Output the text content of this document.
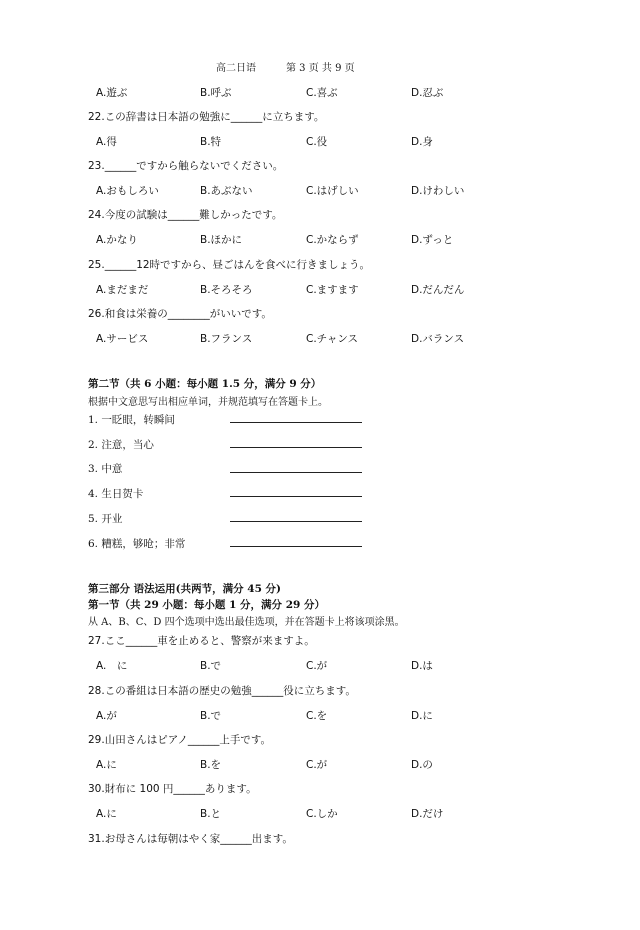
高二日语	第 3 页 共 9 页
A.遊ぶ	B.呼ぶ	C.喜ぶ	D.忍ぶ
22.この辞書は日本語の勉強に______に立ちます。
A.得	B.特	C.役	D.身
23.______ですから触らないでください。
A.おもしろい	B.あぶない	C.はげしい	D.けわしい
24.今度の試験は______難しかったです。
A.かなり	B.ほかに	C.かならず	D.ずっと
25.______12時ですから、昼ごはんを食べに行きましょう。
A.まだまだ	B.そろそろ	C.ますます	D.だんだん
26.和食は栄養の________がいいです。
A.サービス	B.フランス	C.チャンス	D.バランス
第二节（共 6 小题：每小题 1.5 分，满分 9 分）
根据中文意思写出相应单词，并规范填写在答题卡上。
1. 一眨眼，转瞬间
2. 注意，当心
3. 中意
4. 生日贺卡
5. 开业
6. 糟糕，够呛；非常
第三部分 语法运用(共两节，满分 45 分)
第一节（共 29 小题：每小题 1 分，满分 29 分）
从 A、B、C、D 四个选项中选出最佳选项，并在答题卡上将该项涂黑。
27.ここ______車を止めると、警察が来ますよ。
A.　に	B.で	C.が	D.は
28.この番組は日本語の歴史の勉強______役に立ちます。
A.が	B.で	C.を	D.に
29.山田さんはピアノ______上手です。
A.に	B.を	C.が	D.の
30.財布に 100 円______あります。
A.に	B.と	C.しか	D.だけ
31.お母さんは毎朝はやく家______出ます。
